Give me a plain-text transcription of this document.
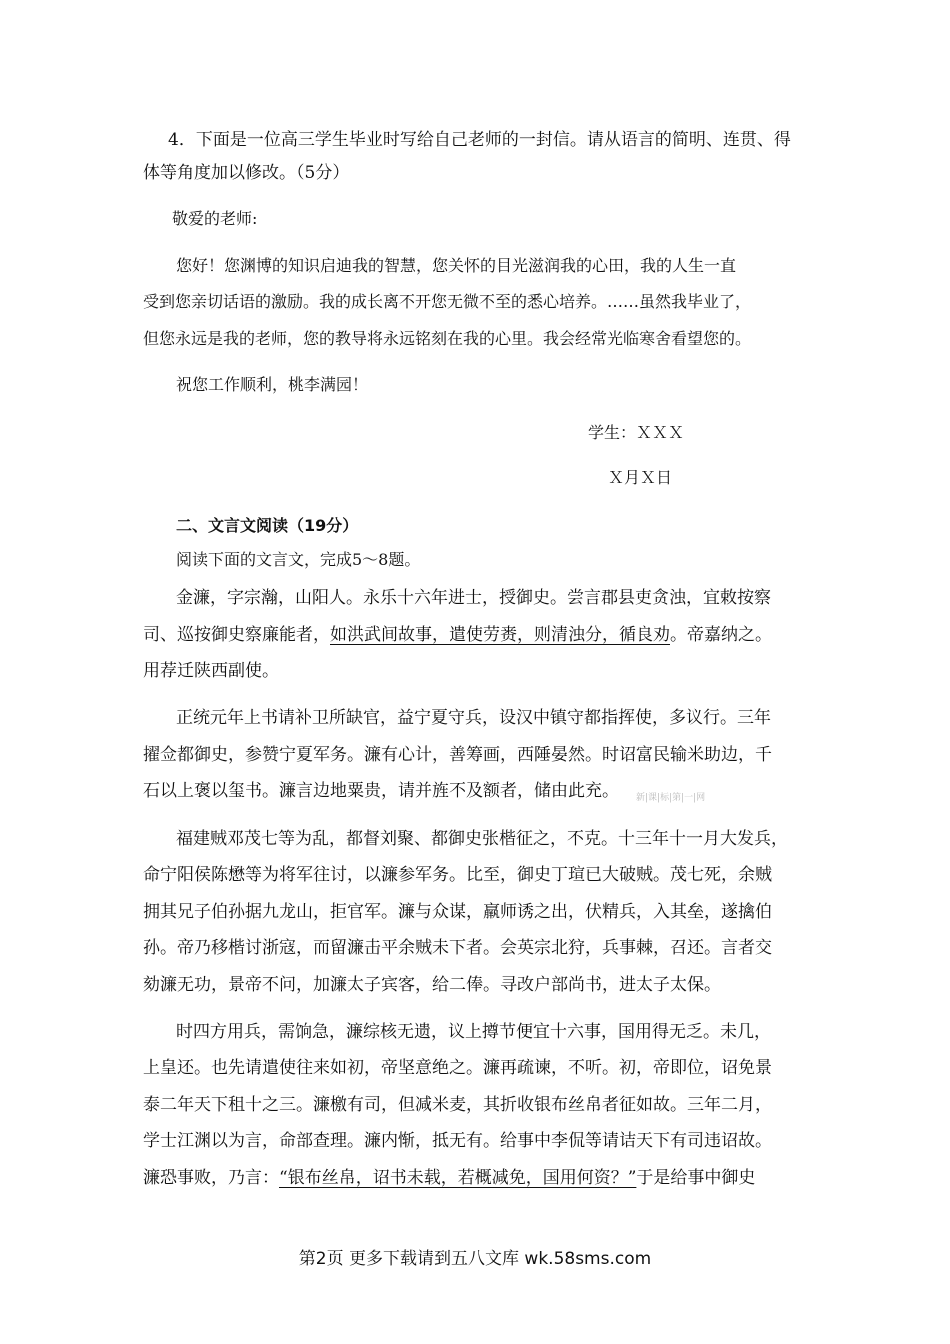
4．下面是一位高三学生毕业时写给自己老师的一封信。请从语言的简明、连贯、得
体等角度加以修改。（5分）
敬爱的老师:
您好！您渊博的知识启迪我的智慧，您关怀的目光滋润我的心田，我的人生一直
受到您亲切话语的激励。我的成长离不开您无微不至的悉心培养。……虽然我毕业了，
但您永远是我的老师，您的教导将永远铭刻在我的心里。我会经常光临寒舍看望您的。
祝您工作顺利，桃李满园！
学生：ＸＸＸ
Ｘ月Ｘ日
二、文言文阅读（19分）
阅读下面的文言文，完成5～8题。
金濂，字宗瀚，山阳人。永乐十六年进士，授御史。尝言郡县吏贪浊，宜敕按察
司、巡按御史察廉能者，如洪武间故事，遣使劳赉，则清浊分，循良劝。帝嘉纳之。
用荐迁陕西副使。
正统元年上书请补卫所缺官，益宁夏守兵，设汉中镇守都指挥使，多议行。三年
擢佥都御史，参赞宁夏军务。濂有心计，善筹画，西陲晏然。时诏富民输米助边，千
石以上褒以玺书。濂言边地粟贵，请并旌不及额者，储由此充。 新|课|标|第|一|网
福建贼邓茂七等为乱，都督刘聚、都御史张楷征之，不克。十三年十一月大发兵，
命宁阳侯陈懋等为将军往讨，以濂参军务。比至，御史丁瑄已大破贼。茂七死，余贼
拥其兄子伯孙据九龙山，拒官军。濂与众谋，羸师诱之出，伏精兵，入其垒，遂擒伯
孙。帝乃移楷讨浙寇，而留濂击平余贼未下者。会英宗北狩，兵事棘，召还。言者交
劾濂无功，景帝不问，加濂太子宾客，给二俸。寻改户部尚书，进太子太保。
时四方用兵，需饷急，濂综核无遗，议上撙节便宜十六事，国用得无乏。未几，
上皇还。也先请遣使往来如初，帝坚意绝之。濂再疏谏，不听。初，帝即位，诏免景
泰二年天下租十之三。濂檄有司，但减米麦，其折收银布丝帛者征如故。三年二月，
学士江渊以为言，命部查理。濂内惭，抵无有。给事中李侃等请诘天下有司违诏故。
濂恐事败，乃言：“银布丝帛，诏书未载，若概减免，国用何资？”于是给事中御史
第2页 更多下载请到五八文库 wk.58sms.com
